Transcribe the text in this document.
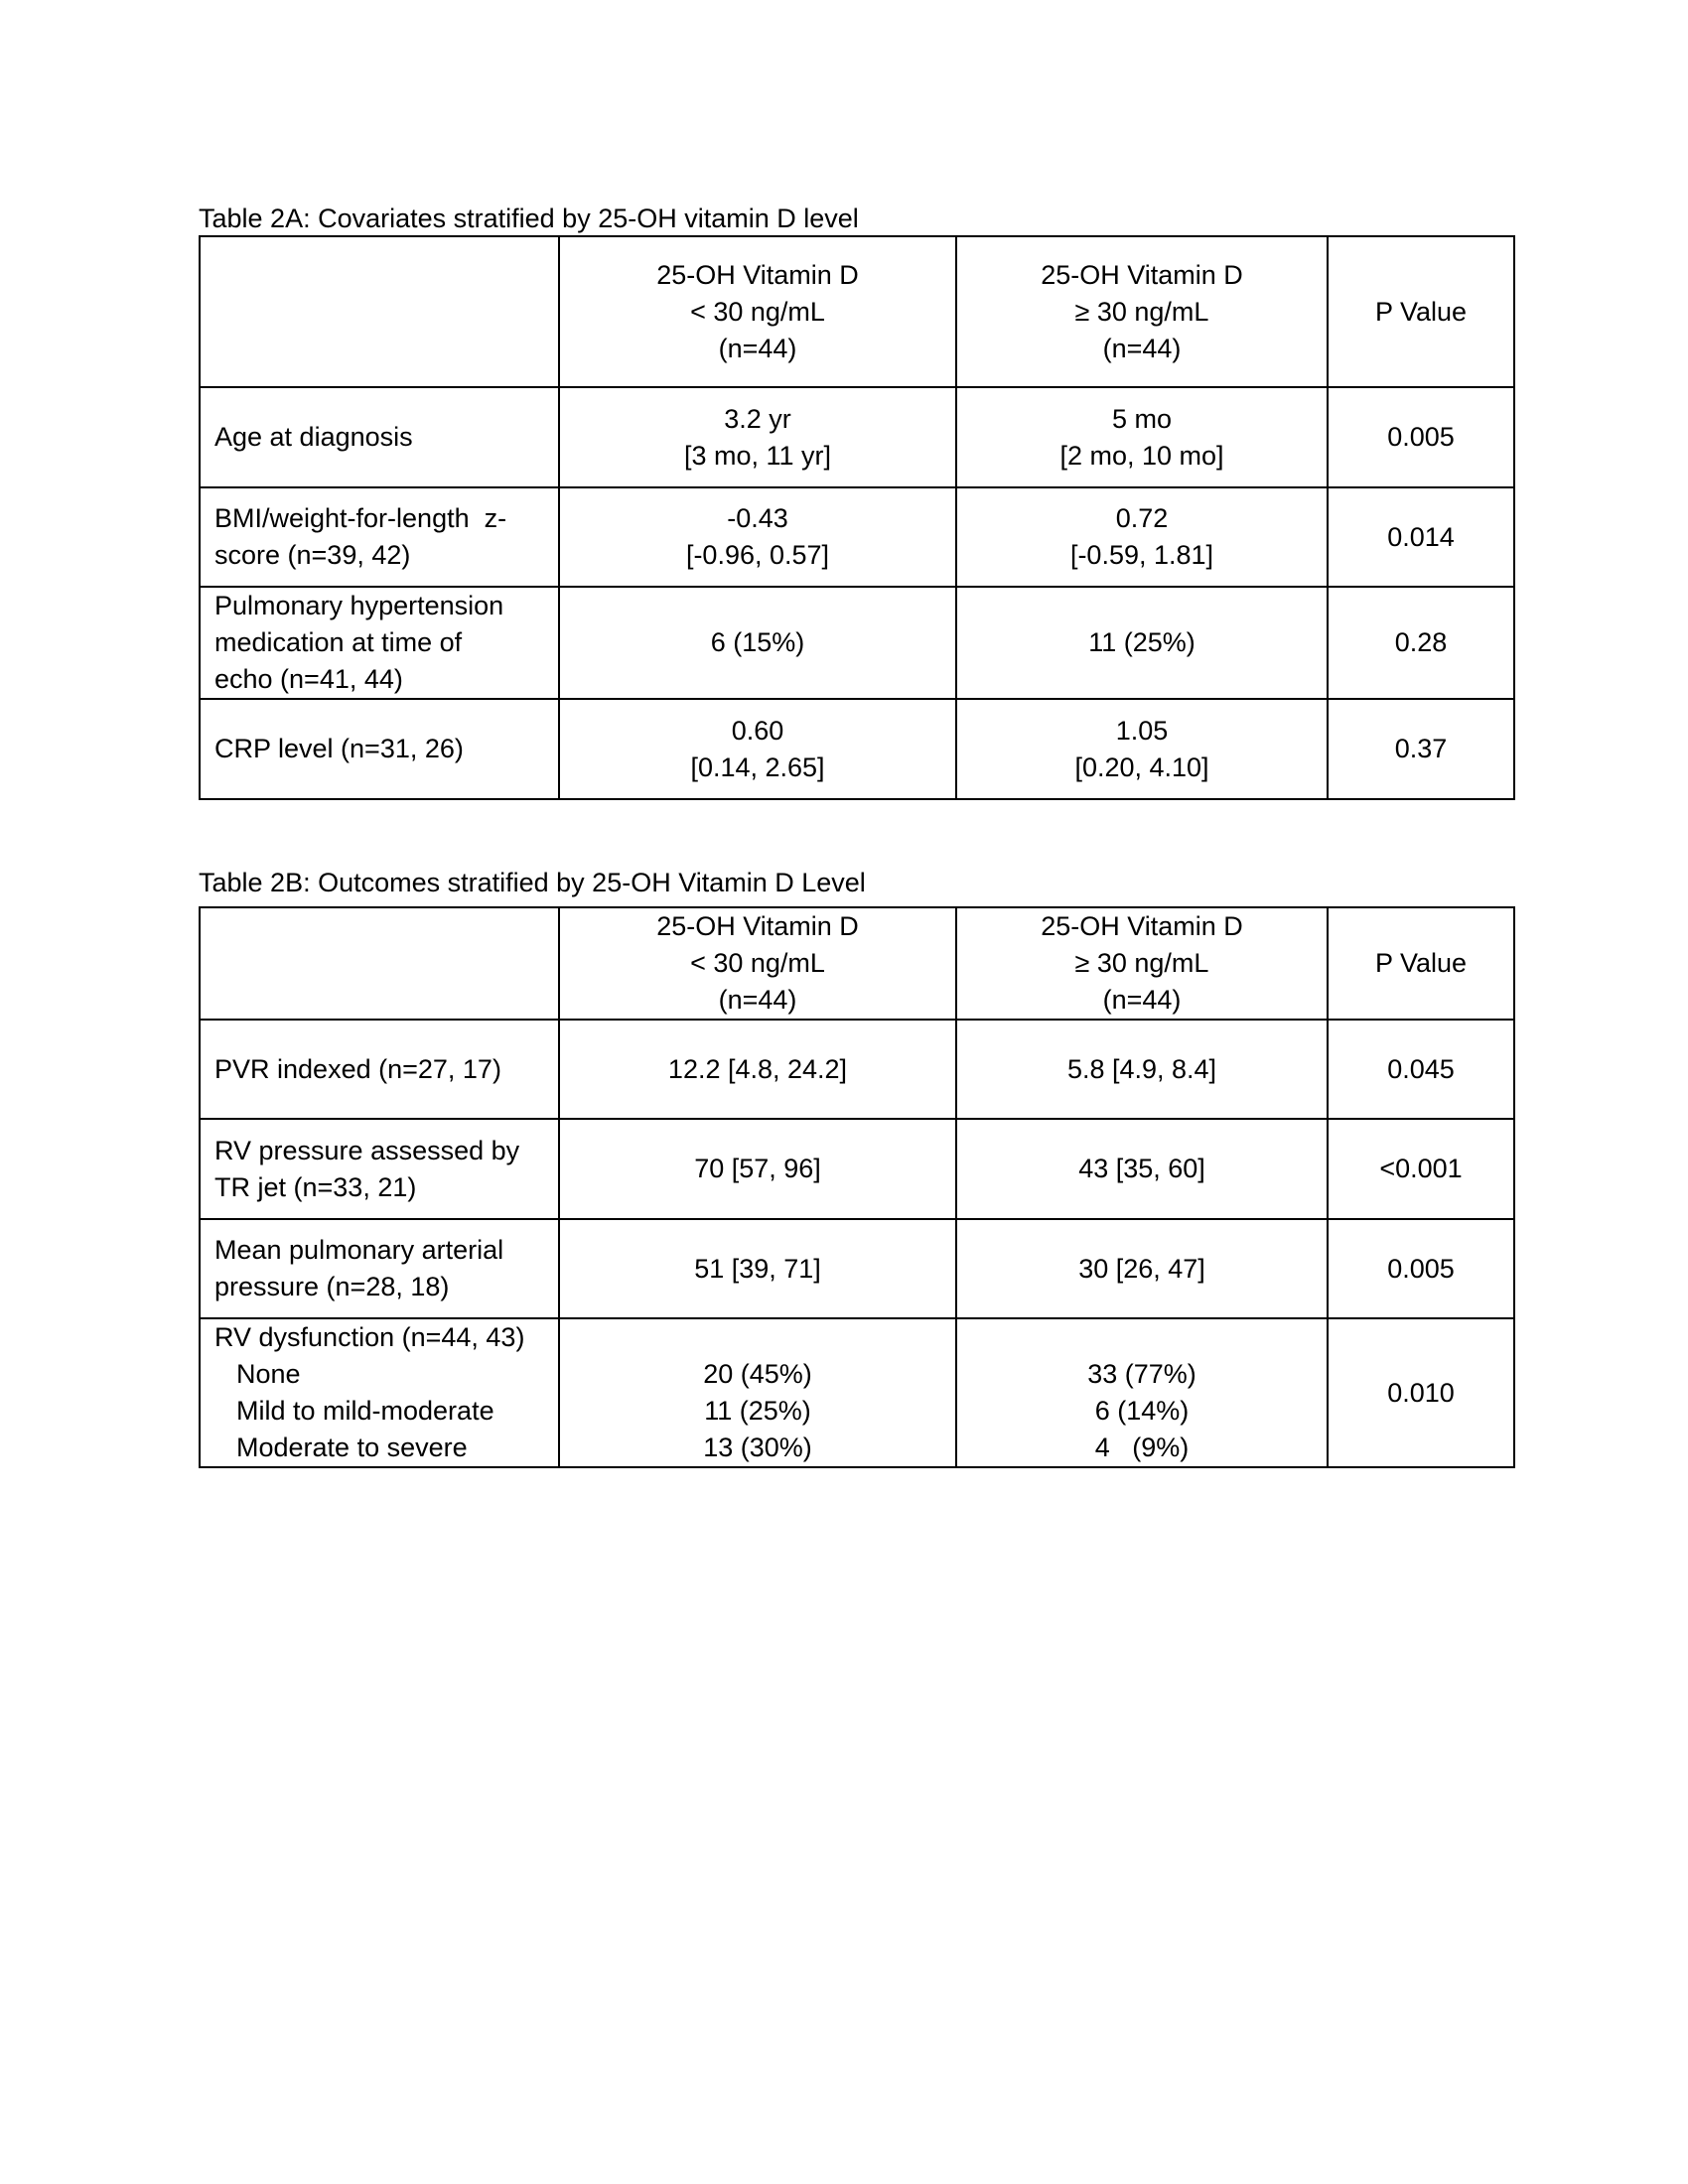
Table 2A: Covariates stratified by 25-OH vitamin D level

	25-OH Vitamin D
< 30 ng/mL
(n=44)	25-OH Vitamin D
≥ 30 ng/mL
(n=44)	P Value

Age at diagnosis	3.2 yr
[3 mo, 11 yr]	5 mo
[2 mo, 10 mo]	0.005

BMI/weight-for-length  z-
score (n=39, 42)	-0.43
[-0.96, 0.57]	0.72
[-0.59, 1.81]	0.014

Pulmonary hypertension
medication at time of
echo (n=41, 44)	6 (15%)	11 (25%)	0.28

CRP level (n=31, 26)	0.60
[0.14, 2.65]	1.05
[0.20, 4.10]	0.37
Table 2B: Outcomes stratified by 25-OH Vitamin D Level

	25-OH Vitamin D
< 30 ng/mL
(n=44)	25-OH Vitamin D
≥ 30 ng/mL
(n=44)	P Value

PVR indexed (n=27, 17)	12.2 [4.8, 24.2]	5.8 [4.9, 8.4]	0.045

RV pressure assessed by
TR jet (n=33, 21)	70 [57, 96]	43 [35, 60]	<0.001

Mean pulmonary arterial
pressure (n=28, 18)	51 [39, 71]	30 [26, 47]	0.005

RV dysfunction (n=44, 43)
None
Mild to mild-moderate
Moderate to severe	20 (45%)
11 (25%)
13 (30%)	33 (77%)
6 (14%)
4   (9%)	0.010
